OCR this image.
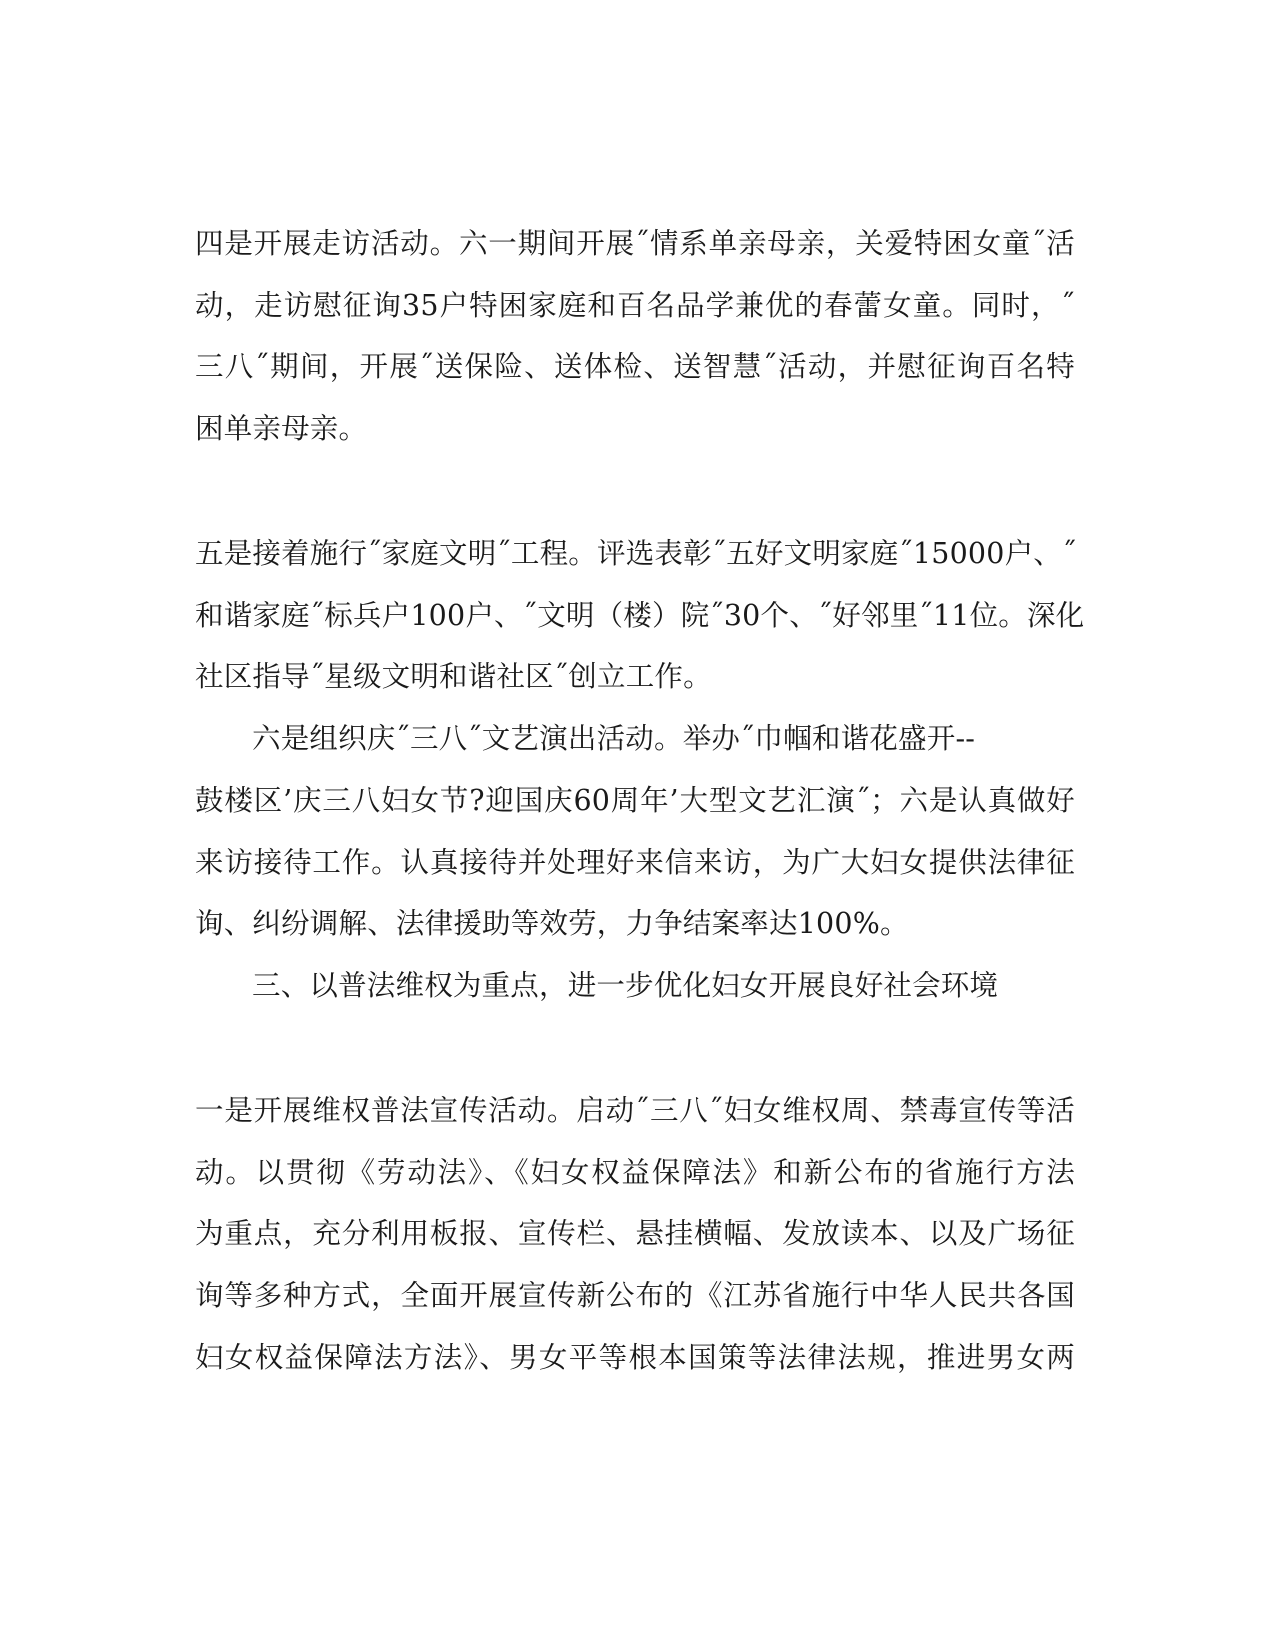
四是开展走访活动。六一期间开展˝情系单亲母亲，关爱特困女童˝活
动，走访慰征询35户特困家庭和百名品学兼优的春蕾女童。同时，˝
三八˝期间，开展˝送保险、送体检、送智慧˝活动，并慰征询百名特
困单亲母亲。
五是接着施行˝家庭文明˝工程。评选表彰˝五好文明家庭˝15000户、˝
和谐家庭˝标兵户100户、˝文明（楼）院˝30个、˝好邻里˝11位。深化
社区指导˝星级文明和谐社区˝创立工作。
六是组织庆˝三八˝文艺演出活动。举办˝巾帼和谐花盛开--
鼓楼区’庆三八妇女节?迎国庆60周年’大型文艺汇演˝；六是认真做好
来访接待工作。认真接待并处理好来信来访，为广大妇女提供法律征
询、纠纷调解、法律援助等效劳，力争结案率达100%。
三、以普法维权为重点，进一步优化妇女开展良好社会环境
一是开展维权普法宣传活动。启动˝三八˝妇女维权周、禁毒宣传等活
动。以贯彻《劳动法》、《妇女权益保障法》和新公布的省施行方法
为重点，充分利用板报、宣传栏、悬挂横幅、发放读本、以及广场征
询等多种方式，全面开展宣传新公布的《江苏省施行中华人民共各国
妇女权益保障法方法》、男女平等根本国策等法律法规，推进男女两
